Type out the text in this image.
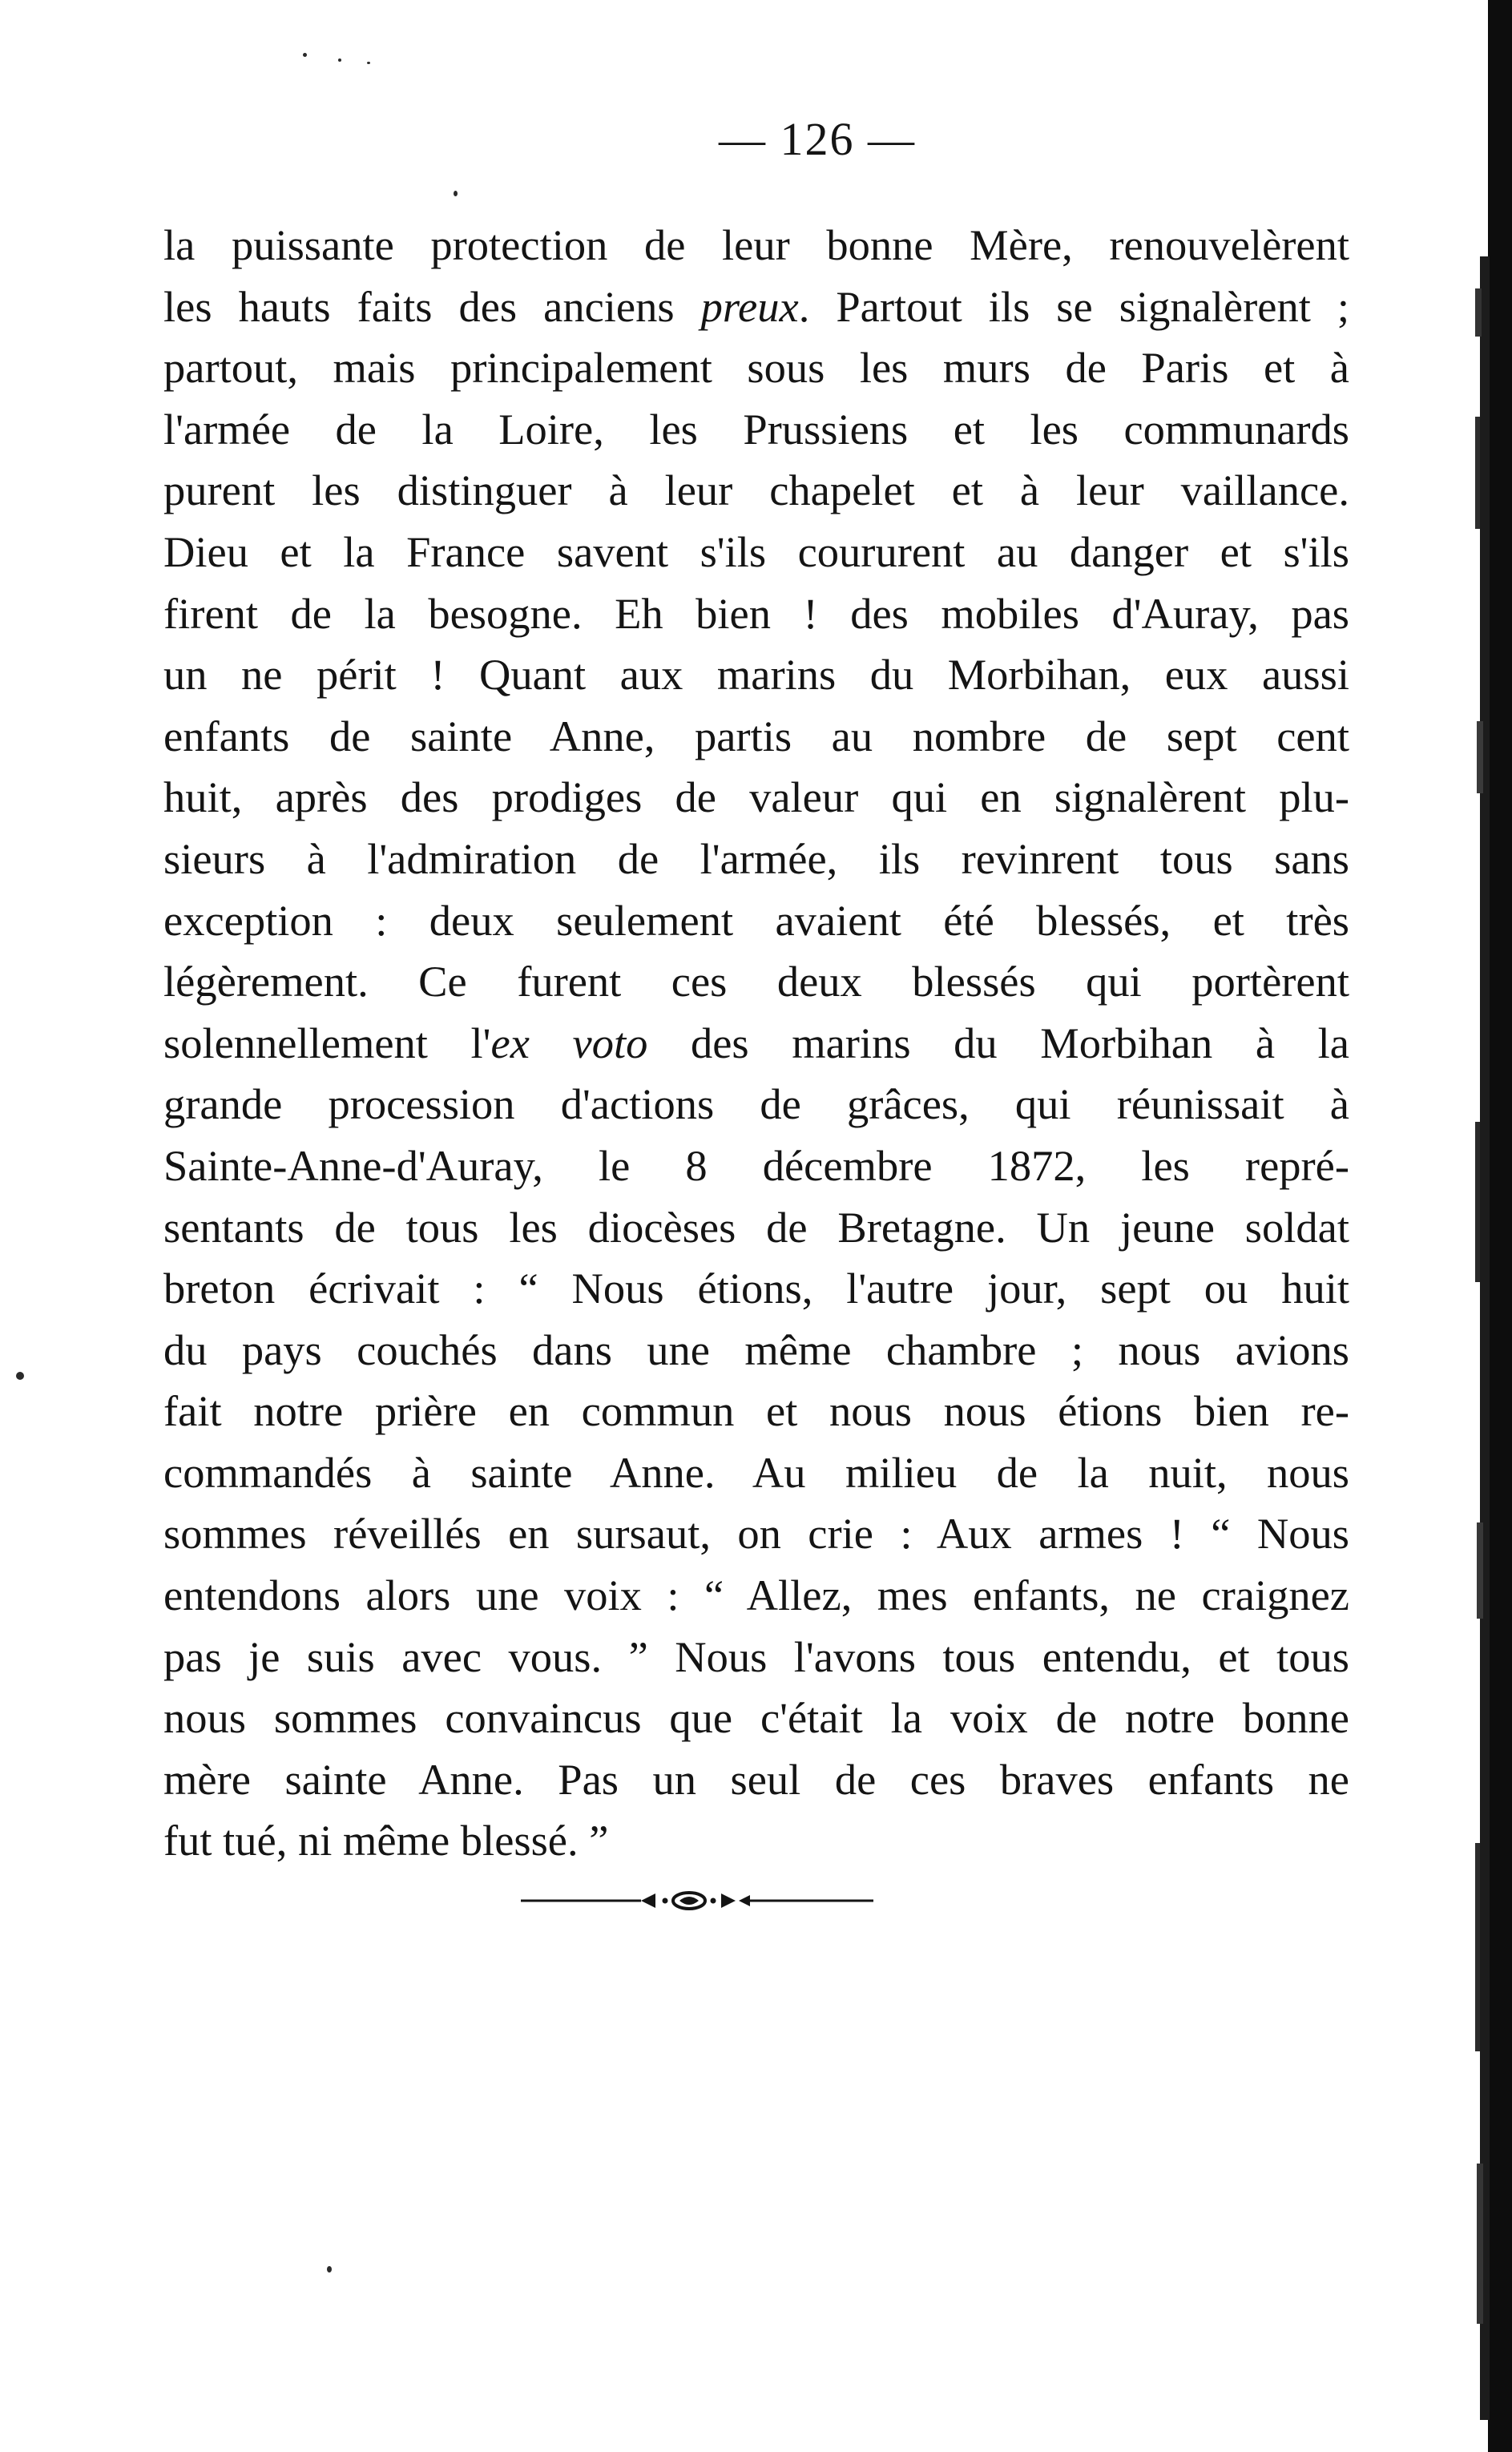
— 126 —

la puissante protection de leur bonne Mère, renouvelèrent
les hauts faits des anciens preux. Partout ils se signalèrent ;
partout, mais principalement sous les murs de Paris et à
l'armée de la Loire, les Prussiens et les communards
purent les distinguer à leur chapelet et à leur vaillance.
Dieu et la France savent s'ils coururent au danger et s'ils
firent de la besogne. Eh bien ! des mobiles d'Auray, pas
un ne périt ! Quant aux marins du Morbihan, eux aussi
enfants de sainte Anne, partis au nombre de sept cent
huit, après des prodiges de valeur qui en signalèrent plu-
sieurs à l'admiration de l'armée, ils revinrent tous sans
exception : deux seulement avaient été blessés, et très
légèrement. Ce furent ces deux blessés qui portèrent
solennellement l'ex voto des marins du Morbihan à la
grande procession d'actions de grâces, qui réunissait à
Sainte-Anne-d'Auray, le 8 décembre 1872, les repré-
sentants de tous les diocèses de Bretagne. Un jeune soldat
breton écrivait : “ Nous étions, l'autre jour, sept ou huit
du pays couchés dans une même chambre ; nous avions
fait notre prière en commun et nous nous étions bien re-
commandés à sainte Anne. Au milieu de la nuit, nous
sommes réveillés en sursaut, on crie : Aux armes ! “ Nous
entendons alors une voix : “ Allez, mes enfants, ne craignez
pas je suis avec vous. ” Nous l'avons tous entendu, et tous
nous sommes convaincus que c'était la voix de notre bonne
mère sainte Anne. Pas un seul de ces braves enfants ne
fut tué, ni même blessé. ”
